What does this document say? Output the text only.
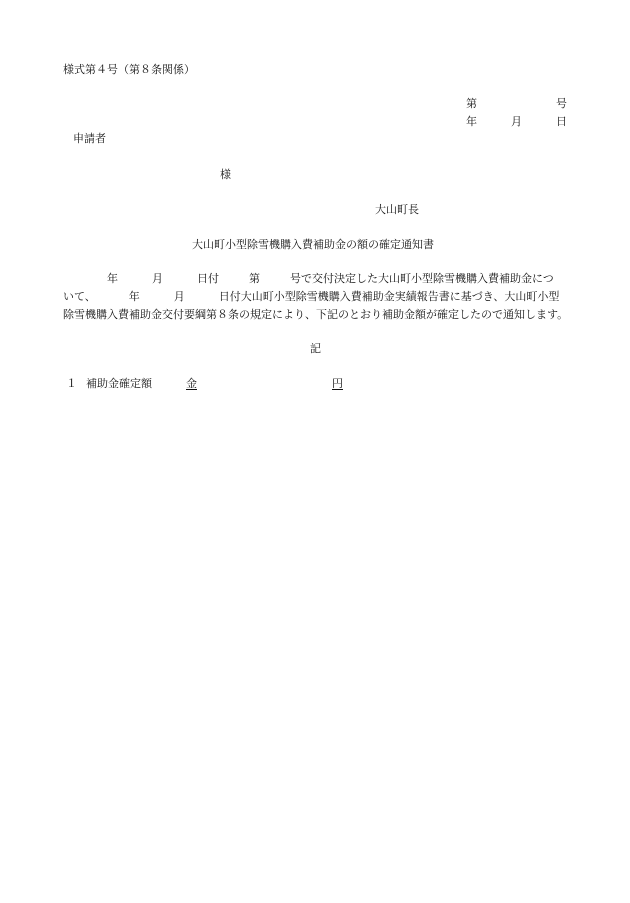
様式第４号（第８条関係）
第	号
年	月	日
申請者
様
大山町長
大山町小型除雪機購入費補助金の額の確定通知書
年	月	日付	第	号で交付決定した大山町小型除雪機購入費補助金につ
いて、	年	月	日付大山町小型除雪機購入費補助金実績報告書に基づき、大山町小型
除雪機購入費補助金交付要綱第８条の規定により、下記のとおり補助金額が確定したので通知します。
記
１ 補助金確定額	金	円
